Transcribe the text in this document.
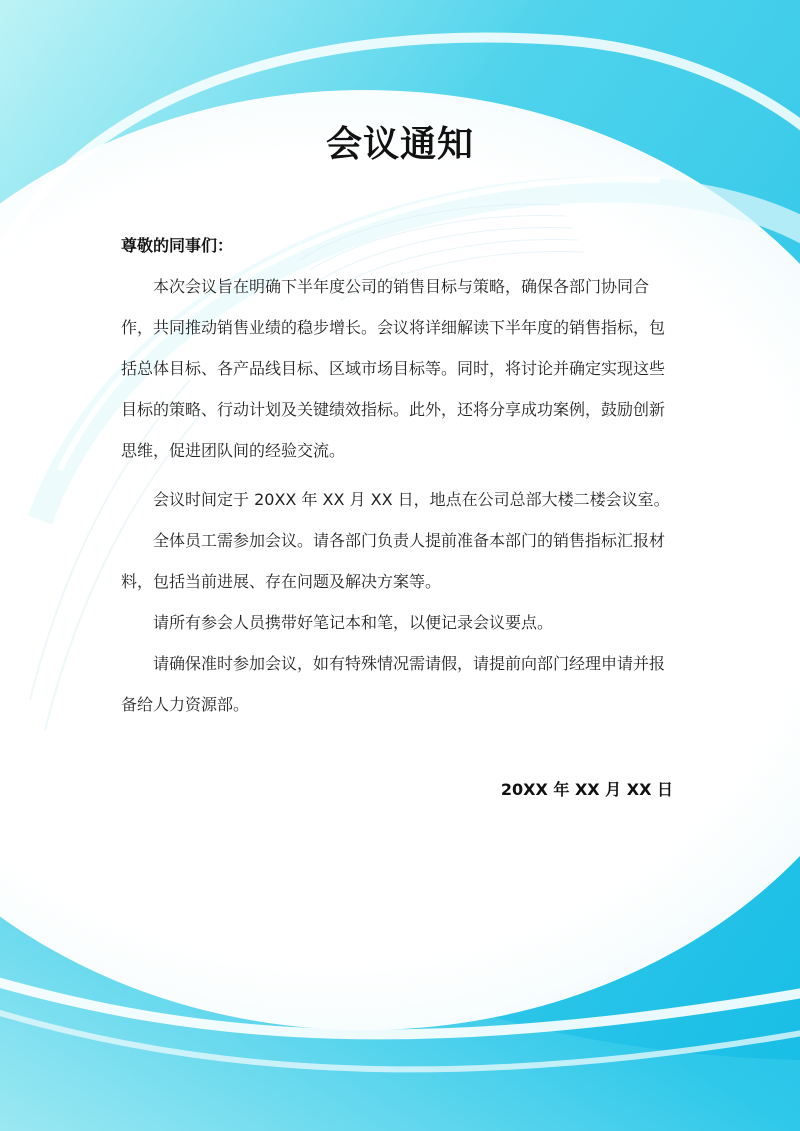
会议通知
尊敬的同事们：

本次会议旨在明确下半年度公司的销售目标与策略，确保各部门协同合作，共同推动销售业绩的稳步增长。会议将详细解读下半年度的销售指标，包括总体目标、各产品线目标、区域市场目标等。同时，将讨论并确定实现这些目标的策略、行动计划及关键绩效指标。此外，还将分享成功案例，鼓励创新思维，促进团队间的经验交流。

会议时间定于 20XX 年 XX 月 XX 日，地点在公司总部大楼二楼会议室。

全体员工需参加会议。请各部门负责人提前准备本部门的销售指标汇报材料，包括当前进展、存在问题及解决方案等。

请所有参会人员携带好笔记本和笔，以便记录会议要点。

请确保准时参加会议，如有特殊情况需请假，请提前向部门经理申请并报备给人力资源部。

20XX 年 XX 月 XX 日
